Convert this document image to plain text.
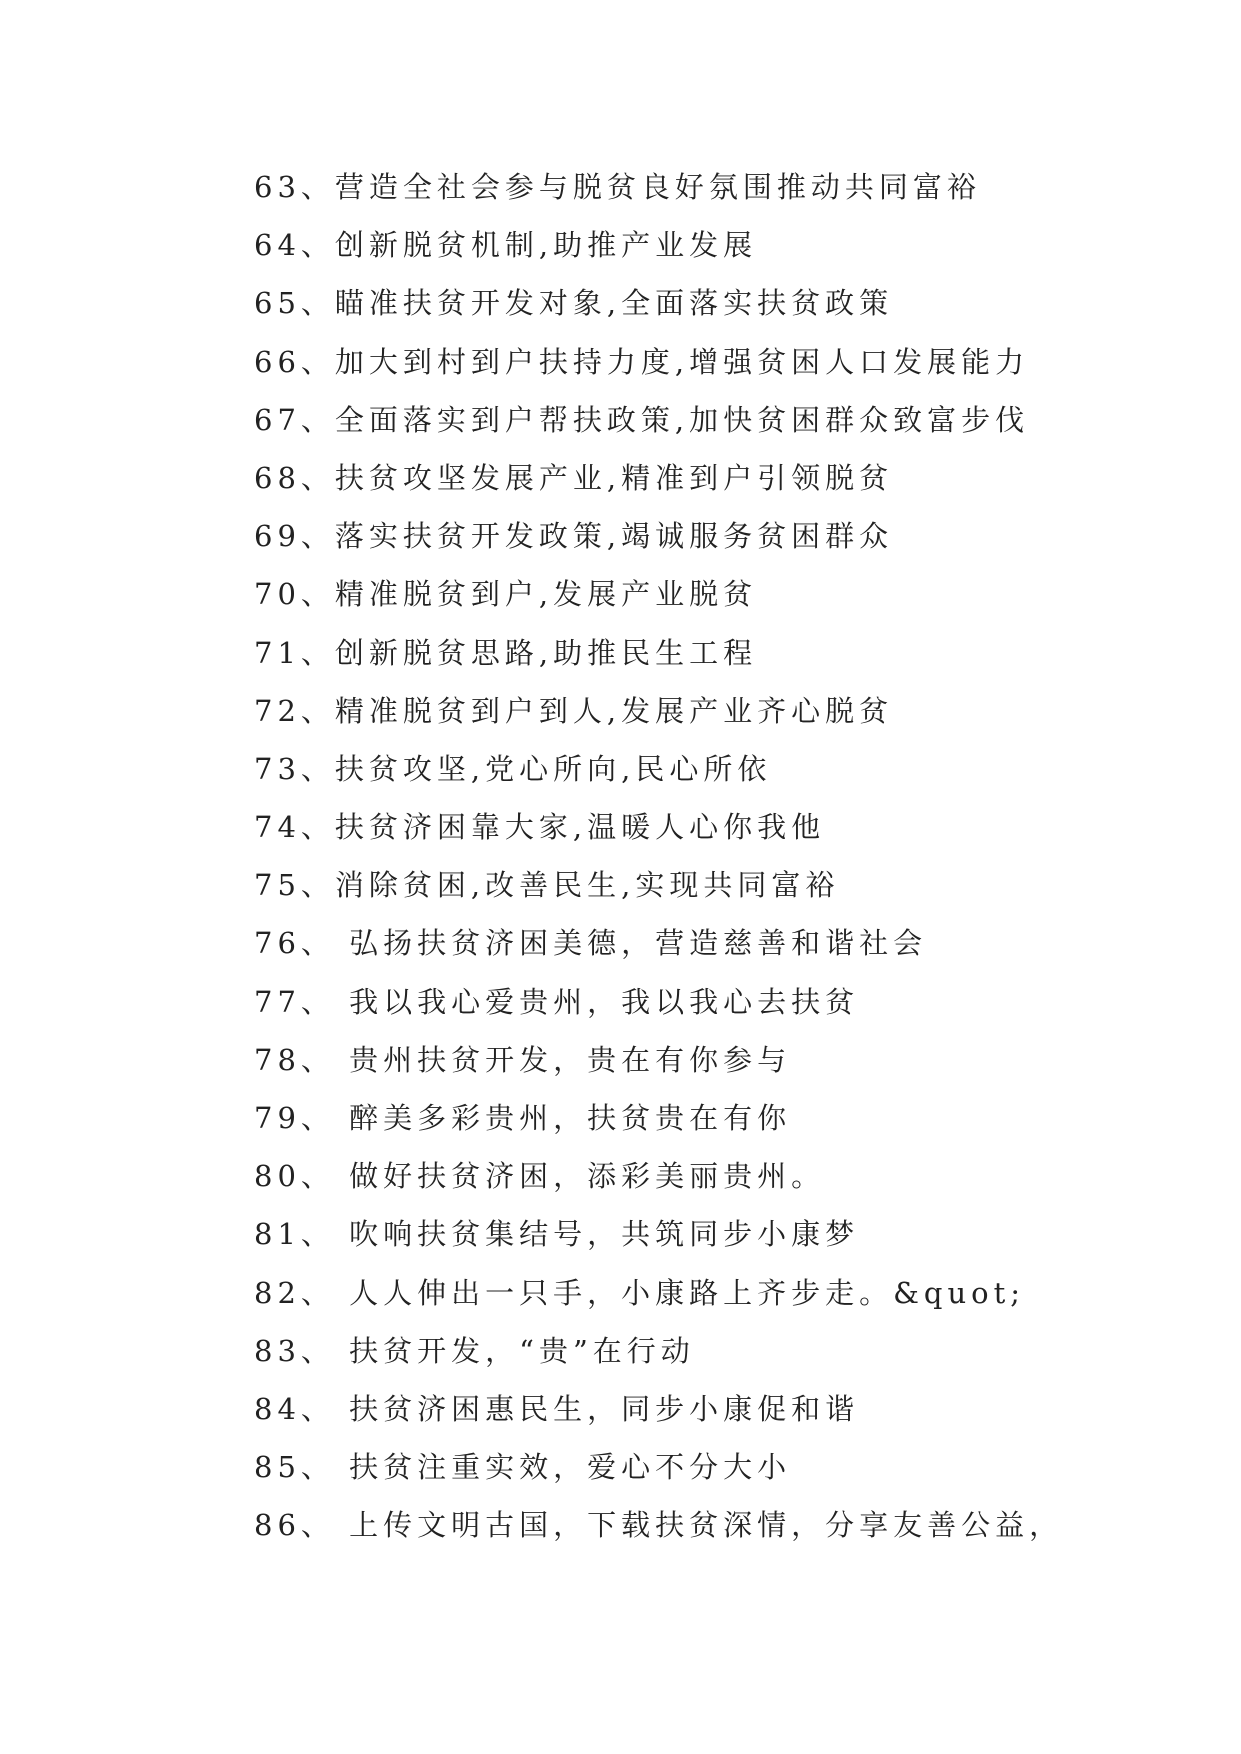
63、营造全社会参与脱贫良好氛围推动共同富裕
64、创新脱贫机制,助推产业发展
65、瞄准扶贫开发对象,全面落实扶贫政策
66、加大到村到户扶持力度,增强贫困人口发展能力
67、全面落实到户帮扶政策,加快贫困群众致富步伐
68、扶贫攻坚发展产业,精准到户引领脱贫
69、落实扶贫开发政策,竭诚服务贫困群众
70、精准脱贫到户,发展产业脱贫
71、创新脱贫思路,助推民生工程
72、精准脱贫到户到人,发展产业齐心脱贫
73、扶贫攻坚,党心所向,民心所依
74、扶贫济困靠大家,温暖人心你我他
75、消除贫困,改善民生,实现共同富裕
76、 弘扬扶贫济困美德，营造慈善和谐社会
77、 我以我心爱贵州，我以我心去扶贫
78、 贵州扶贫开发，贵在有你参与
79、 醉美多彩贵州，扶贫贵在有你
80、 做好扶贫济困，添彩美丽贵州。
81、 吹响扶贫集结号，共筑同步小康梦
82、 人人伸出一只手，小康路上齐步走。&quot;
83、 扶贫开发，“贵”在行动
84、 扶贫济困惠民生，同步小康促和谐
85、 扶贫注重实效，爱心不分大小
86、 上传文明古国，下载扶贫深情，分享友善公益，
